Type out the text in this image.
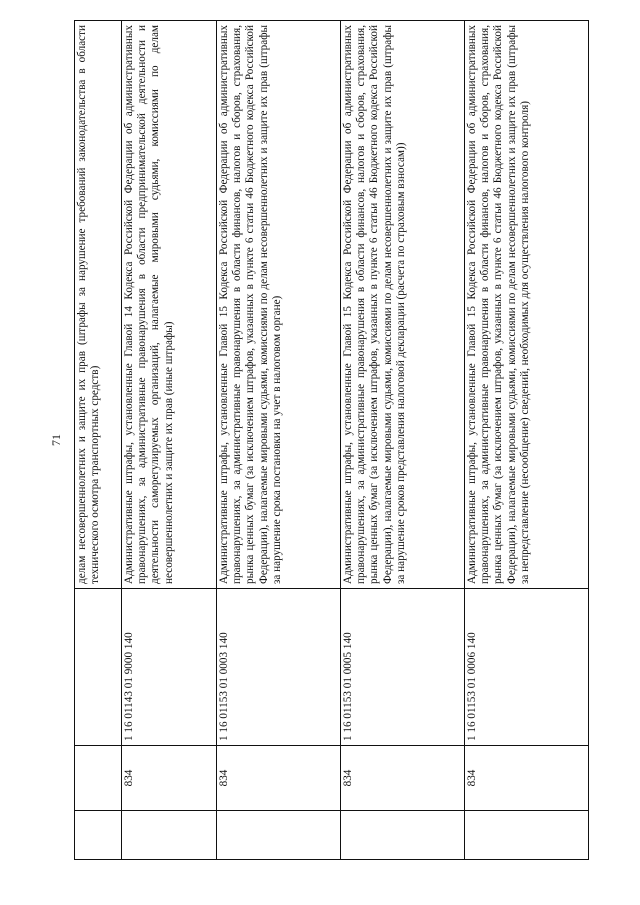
71
			делам несовершеннолетних и защите их прав (штрафы за нарушение требований законодательства в области технического осмотра транспортных средств)
	834	1 16 01143 01 9000 140	Административные штрафы, установленные Главой 14 Кодекса Российской Федерации об административных правонарушениях, за административные правонарушения в области предпринимательской деятельности и деятельности саморегулируемых организаций, налагаемые мировыми судьями, комиссиями по делам несовершеннолетних и защите их прав (иные штрафы)
	834	1 16 01153 01 0003 140	Административные штрафы, установленные Главой 15 Кодекса Российской Федерации об административных правонарушениях, за административные правонарушения в области финансов, налогов и сборов, страхования, рынка ценных бумаг (за исключением штрафов, указанных в пункте 6 статьи 46 Бюджетного кодекса Российской Федерации), налагаемые мировыми судьями, комиссиями по делам несовершеннолетних и защите их прав (штрафы за нарушение срока постановки на учет в налоговом органе)
	834	1 16 01153 01 0005 140	Административные штрафы, установленные Главой 15 Кодекса Российской Федерации об административных правонарушениях, за административные правонарушения в области финансов, налогов и сборов, страхования, рынка ценных бумаг (за исключением штрафов, указанных в пункте 6 статьи 46 Бюджетного кодекса Российской Федерации), налагаемые мировыми судьями, комиссиями по делам несовершеннолетних и защите их прав (штрафы за нарушение сроков представления налоговой декларации (расчета по страховым взносам))
	834	1 16 01153 01 0006 140	Административные штрафы, установленные Главой 15 Кодекса Российской Федерации об административных правонарушениях, за административные правонарушения в области финансов, налогов и сборов, страхования, рынка ценных бумаг (за исключением штрафов, указанных в пункте 6 статьи 46 Бюджетного кодекса Российской Федерации), налагаемые мировыми судьями, комиссиями по делам несовершеннолетних и защите их прав (штрафы за непредставление (несообщение) сведений, необходимых для осуществления налогового контроля)
